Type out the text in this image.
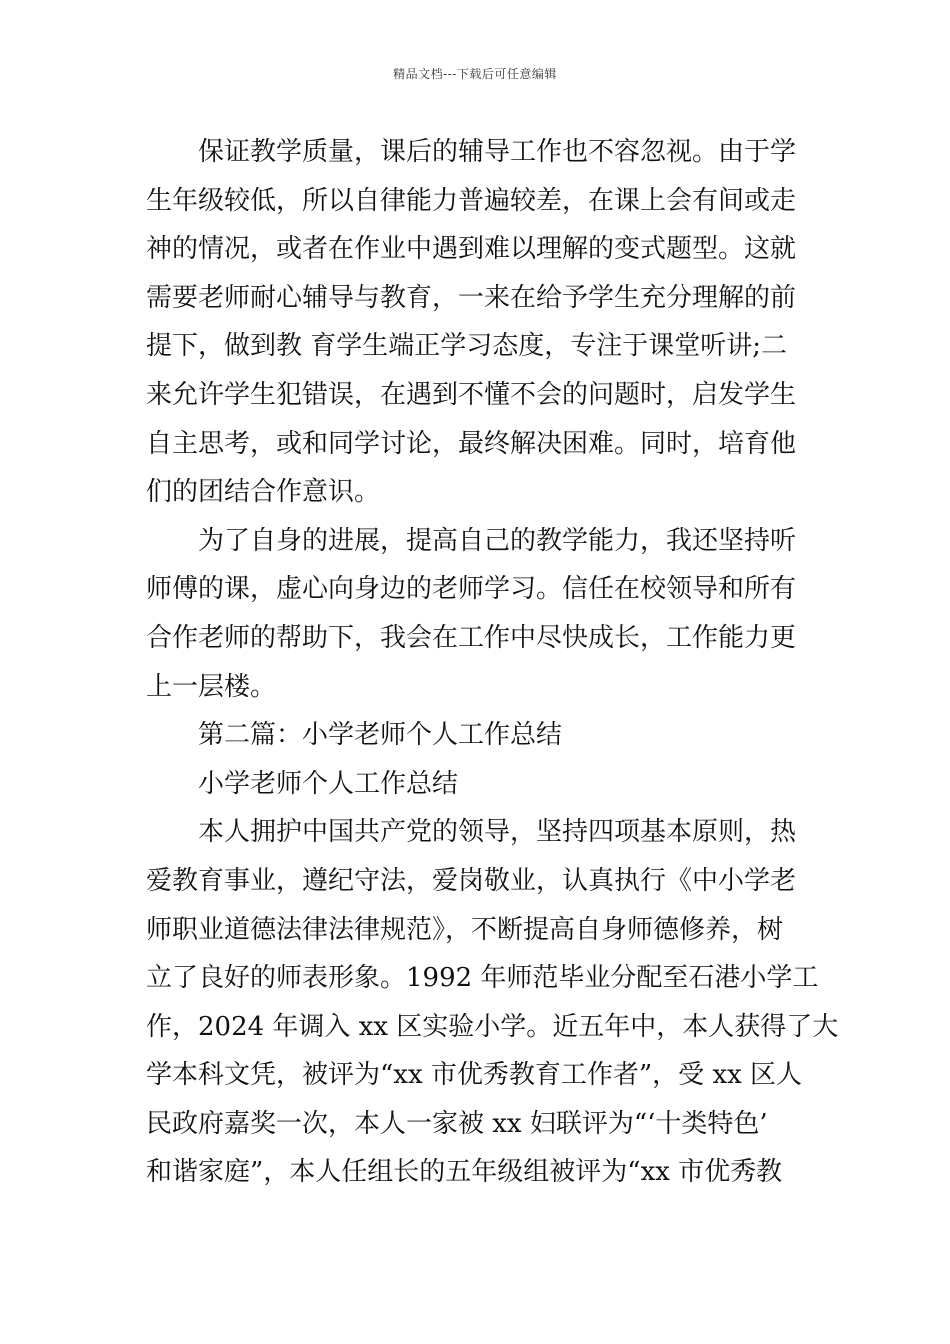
精品文档---下载后可任意编辑
保证教学质量，课后的辅导工作也不容忽视。由于学
生年级较低，所以自律能力普遍较差，在课上会有间或走
神的情况，或者在作业中遇到难以理解的变式题型。这就
需要老师耐心辅导与教育，一来在给予学生充分理解的前
提下，做到教 育学生端正学习态度，专注于课堂听讲;二
来允许学生犯错误，在遇到不懂不会的问题时，启发学生
自主思考，或和同学讨论，最终解决困难。同时，培育他
们的团结合作意识。
为了自身的进展，提高自己的教学能力，我还坚持听
师傅的课，虚心向身边的老师学习。信任在校领导和所有
合作老师的帮助下，我会在工作中尽快成长，工作能力更
上一层楼。
第二篇：小学老师个人工作总结
小学老师个人工作总结
本人拥护中国共产党的领导，坚持四项基本原则，热
爱教育事业，遵纪守法，爱岗敬业，认真执行《中小学老
师职业道德法律法律规范》，不断提高自身师德修养，树
立了良好的师表形象。1992 年师范毕业分配至石港小学工
作，2024 年调入 xx 区实验小学。近五年中，本人获得了大
学本科文凭，被评为“xx 市优秀教育工作者”，受 xx 区人
民政府嘉奖一次，本人一家被 xx 妇联评为“‘十类特色’
和谐家庭”，本人任组长的五年级组被评为“xx 市优秀教
